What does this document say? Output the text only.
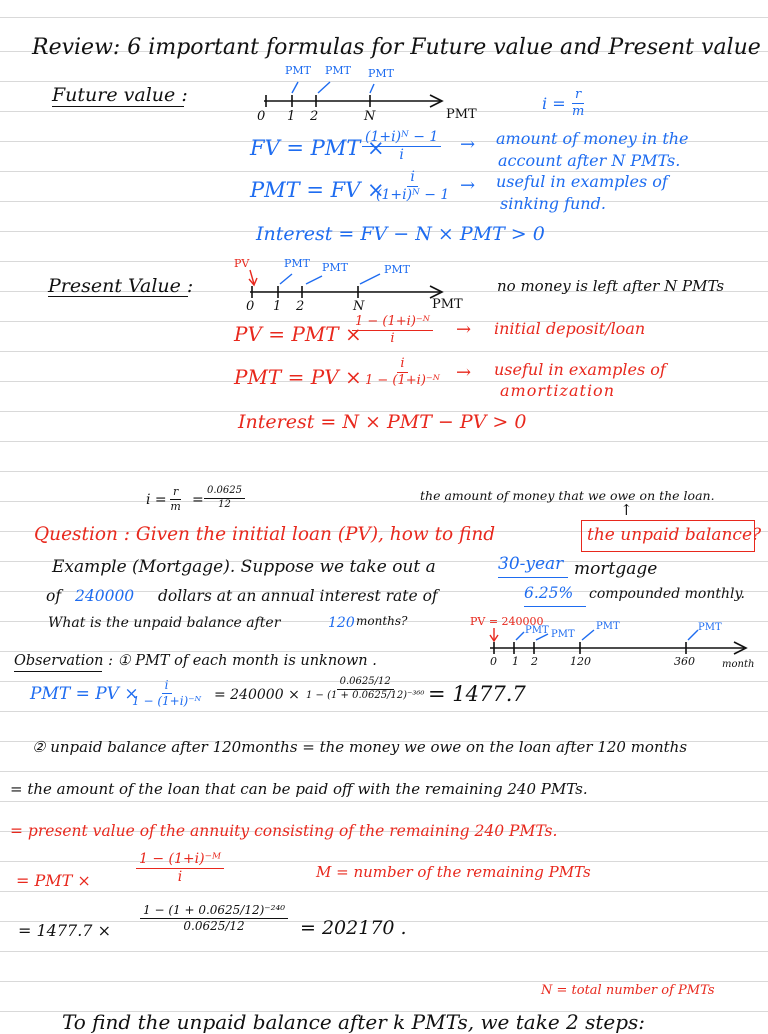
Review: 6 important formulas for Future value and Present value
Future value :
PMT PMT PMT
0 1 2	N	PMT
$i = \frac{r}{m}$
FV = PMT ×
$\frac{\text{(1+i)ᴺ − 1}}{i}$ → amount of money in the
account after N PMTs.
PMT = FV ×
$\frac{i}{\text{(1+i)ᴺ − 1}}$ → useful in examples of
sinking fund.
Interest = FV − N × PMT > 0
Present Value :
PV	PMT PMT	PMT
0 1 2	N	PMT
no money is left after N PMTs
PV = PMT ×
$\frac{\text{1 − (1+i)⁻ᴺ}}{i}$ → initial deposit/loan
PMT = PV × $\frac{i}{\text{1 − (1+i)⁻ᴺ}}$ → useful in examples of
amortization
Interest = N × PMT − PV > 0
$i = \frac{r}{m} = \frac{0.0625}{12}$	the amount of money that we owe on the loan.
↑
Question : Given the initial loan (PV), how to find	the unpaid balance?
Example (Mortgage). Suppose we take out a	30-year mortgage
of 240000 dollars at an annual interest rate of	6.25% compounded monthly.
What is the unpaid balance after	120 months?	PV = 240000
PMT PMT
PMT	PMT
0 1 2	120	360	month
Observation : ① PMT of each month is unknown .
PMT = PV ×
$\frac{i}{\text{1 − (1+i)⁻ᴺ}} = 240000 \times \frac{0.0625/12}{\text{1 − (1 + 0.0625/12)⁻³⁶⁰}} = 1477.7$
② unpaid balance after 120months = the money we owe on the loan after 120 months
= the amount of the loan that can be paid off with the remaining 240 PMTs.
= present value of the annuity consisting of the remaining 240 PMTs.
= PMT ×	$\frac{\text{1 − (1+i)⁻ᴹ}}{i}$	M = number of the remaining PMTs
= $1477.7 \times \frac{\text{1 − (1 + 0.0625/12)⁻²⁴⁰}}{0.0625/12} = 202170$ .
N = total number of PMTs
To find the unpaid balance after k PMTs, we take 2 steps:
